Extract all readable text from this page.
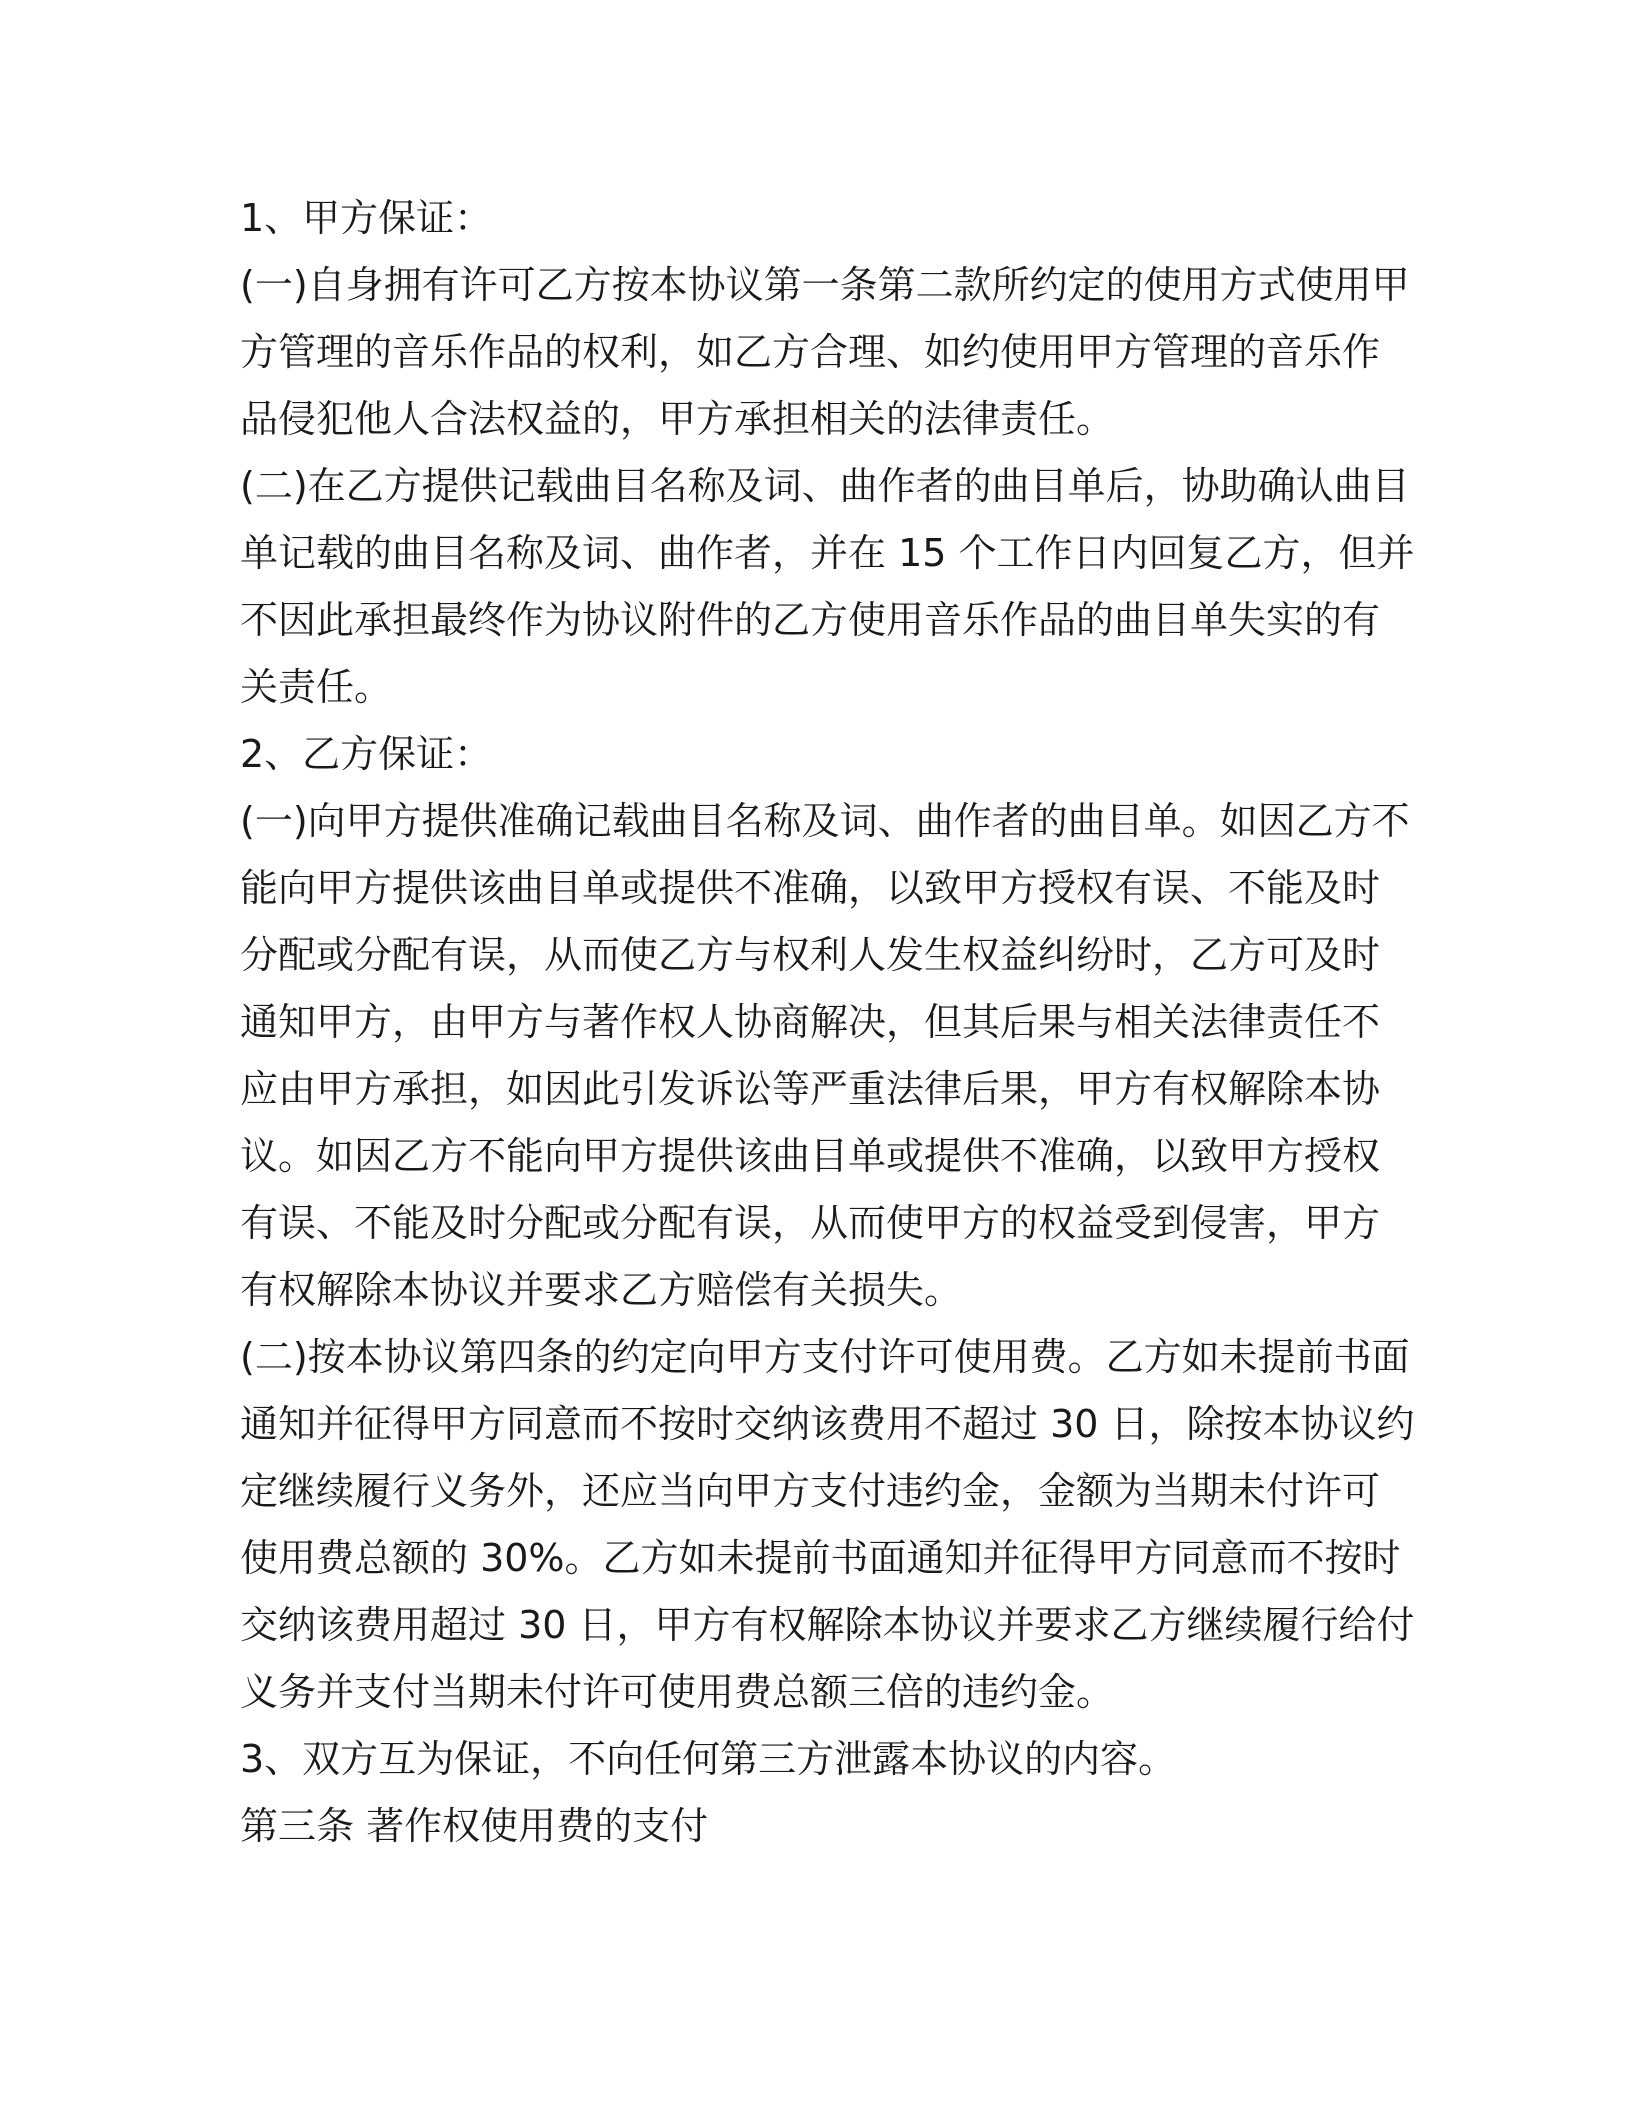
1、甲方保证：
(一)自身拥有许可乙方按本协议第一条第二款所约定的使用方式使用甲
方管理的音乐作品的权利，如乙方合理、如约使用甲方管理的音乐作
品侵犯他人合法权益的，甲方承担相关的法律责任。
(二)在乙方提供记载曲目名称及词、曲作者的曲目单后，协助确认曲目
单记载的曲目名称及词、曲作者，并在 15 个工作日内回复乙方，但并
不因此承担最终作为协议附件的乙方使用音乐作品的曲目单失实的有
关责任。
2、乙方保证：
(一)向甲方提供准确记载曲目名称及词、曲作者的曲目单。如因乙方不
能向甲方提供该曲目单或提供不准确，以致甲方授权有误、不能及时
分配或分配有误，从而使乙方与权利人发生权益纠纷时，乙方可及时
通知甲方，由甲方与著作权人协商解决，但其后果与相关法律责任不
应由甲方承担，如因此引发诉讼等严重法律后果，甲方有权解除本协
议。如因乙方不能向甲方提供该曲目单或提供不准确，以致甲方授权
有误、不能及时分配或分配有误，从而使甲方的权益受到侵害，甲方
有权解除本协议并要求乙方赔偿有关损失。
(二)按本协议第四条的约定向甲方支付许可使用费。乙方如未提前书面
通知并征得甲方同意而不按时交纳该费用不超过 30 日，除按本协议约
定继续履行义务外，还应当向甲方支付违约金，金额为当期未付许可
使用费总额的 30%。乙方如未提前书面通知并征得甲方同意而不按时
交纳该费用超过 30 日，甲方有权解除本协议并要求乙方继续履行给付
义务并支付当期未付许可使用费总额三倍的违约金。
3、双方互为保证，不向任何第三方泄露本协议的内容。
第三条 著作权使用费的支付
